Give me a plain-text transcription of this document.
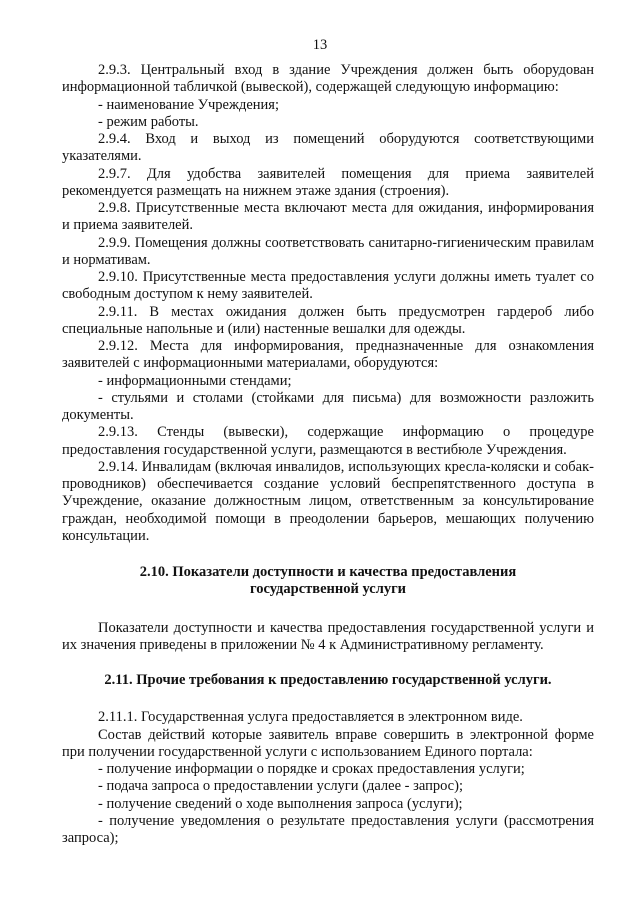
13

2.9.3. Центральный вход в здание Учреждения должен быть оборудован информационной табличкой (вывеской), содержащей следующую информацию:

- наименование Учреждения;

- режим работы.

2.9.4. Вход и выход из помещений оборудуются соответствующими указателями.

2.9.7. Для удобства заявителей помещения для приема заявителей рекомендуется размещать на нижнем этаже здания (строения).

2.9.8. Присутственные места включают места для ожидания, информирования и приема заявителей.

2.9.9. Помещения должны соответствовать санитарно-гигиеническим правилам и нормативам.

2.9.10. Присутственные места предоставления услуги должны иметь туалет со свободным доступом к нему заявителей.

2.9.11. В местах ожидания должен быть предусмотрен гардероб либо специальные напольные и (или) настенные вешалки для одежды.

2.9.12. Места для информирования, предназначенные для ознакомления заявителей с информационными материалами, оборудуются:

- информационными стендами;

- стульями и столами (стойками для письма) для возможности разложить документы.

2.9.13. Стенды (вывески), содержащие информацию о процедуре предоставления государственной услуги, размещаются в вестибюле Учреждения.

2.9.14. Инвалидам (включая инвалидов, использующих кресла-коляски и собак-проводников) обеспечивается создание условий беспрепятственного доступа в Учреждение, оказание должностным лицом, ответственным за консультирование граждан, необходимой помощи в преодолении барьеров, мешающих получению консультации.

2.10. Показатели доступности и качества предоставления
государственной услуги

Показатели доступности и качества предоставления государственной услуги и их значения приведены в приложении № 4 к Административному регламенту.

2.11. Прочие требования к предоставлению государственной услуги.

2.11.1. Государственная услуга предоставляется в электронном виде.

Состав действий которые заявитель вправе совершить в электронной форме при получении государственной услуги с использованием Единого портала:

- получение информации о порядке и сроках предоставления услуги;

- подача запроса о предоставлении услуги (далее - запрос);

- получение сведений о ходе выполнения запроса (услуги);

- получение уведомления о результате предоставления услуги (рассмотрения запроса);
